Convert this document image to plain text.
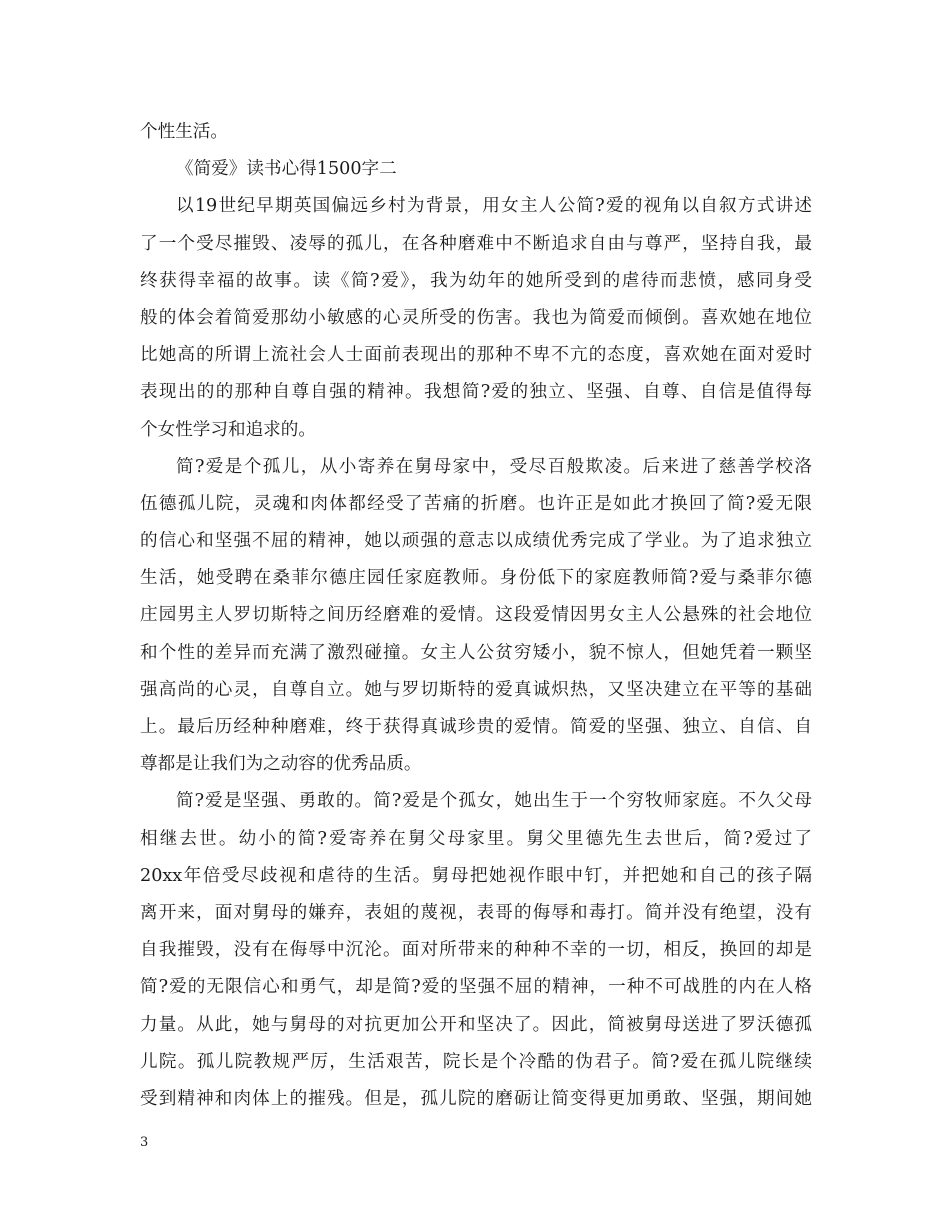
个性生活。
《简爱》读书心得1500字二
以19世纪早期英国偏远乡村为背景，用女主人公简?爱的视角以自叙方式讲述
了一个受尽摧毁、凌辱的孤儿，在各种磨难中不断追求自由与尊严，坚持自我，最
终获得幸福的故事。读《简?爱》，我为幼年的她所受到的虐待而悲愤，感同身受
般的体会着简爱那幼小敏感的心灵所受的伤害。我也为简爱而倾倒。喜欢她在地位
比她高的所谓上流社会人士面前表现出的那种不卑不亢的态度，喜欢她在面对爱时
表现出的的那种自尊自强的精神。我想简?爱的独立、坚强、自尊、自信是值得每
个女性学习和追求的。
简?爱是个孤儿，从小寄养在舅母家中，受尽百般欺凌。后来进了慈善学校洛
伍德孤儿院，灵魂和肉体都经受了苦痛的折磨。也许正是如此才换回了简?爱无限
的信心和坚强不屈的精神，她以顽强的意志以成绩优秀完成了学业。为了追求独立
生活，她受聘在桑菲尔德庄园任家庭教师。身份低下的家庭教师简?爱与桑菲尔德
庄园男主人罗切斯特之间历经磨难的爱情。这段爱情因男女主人公悬殊的社会地位
和个性的差异而充满了激烈碰撞。女主人公贫穷矮小，貌不惊人，但她凭着一颗坚
强高尚的心灵，自尊自立。她与罗切斯特的爱真诚炽热，又坚决建立在平等的基础
上。最后历经种种磨难，终于获得真诚珍贵的爱情。简爱的坚强、独立、自信、自
尊都是让我们为之动容的优秀品质。
简?爱是坚强、勇敢的。简?爱是个孤女，她出生于一个穷牧师家庭。不久父母
相继去世。幼小的简?爱寄养在舅父母家里。舅父里德先生去世后，简?爱过了
20xx年倍受尽歧视和虐待的生活。舅母把她视作眼中钉，并把她和自己的孩子隔
离开来，面对舅母的嫌弃，表姐的蔑视，表哥的侮辱和毒打。简并没有绝望，没有
自我摧毁，没有在侮辱中沉沦。面对所带来的种种不幸的一切，相反，换回的却是
简?爱的无限信心和勇气，却是简?爱的坚强不屈的精神，一种不可战胜的内在人格
力量。从此，她与舅母的对抗更加公开和坚决了。因此，简被舅母送进了罗沃德孤
儿院。孤儿院教规严厉，生活艰苦，院长是个冷酷的伪君子。简?爱在孤儿院继续
受到精神和肉体上的摧残。但是，孤儿院的磨砺让简变得更加勇敢、坚强，期间她
3
